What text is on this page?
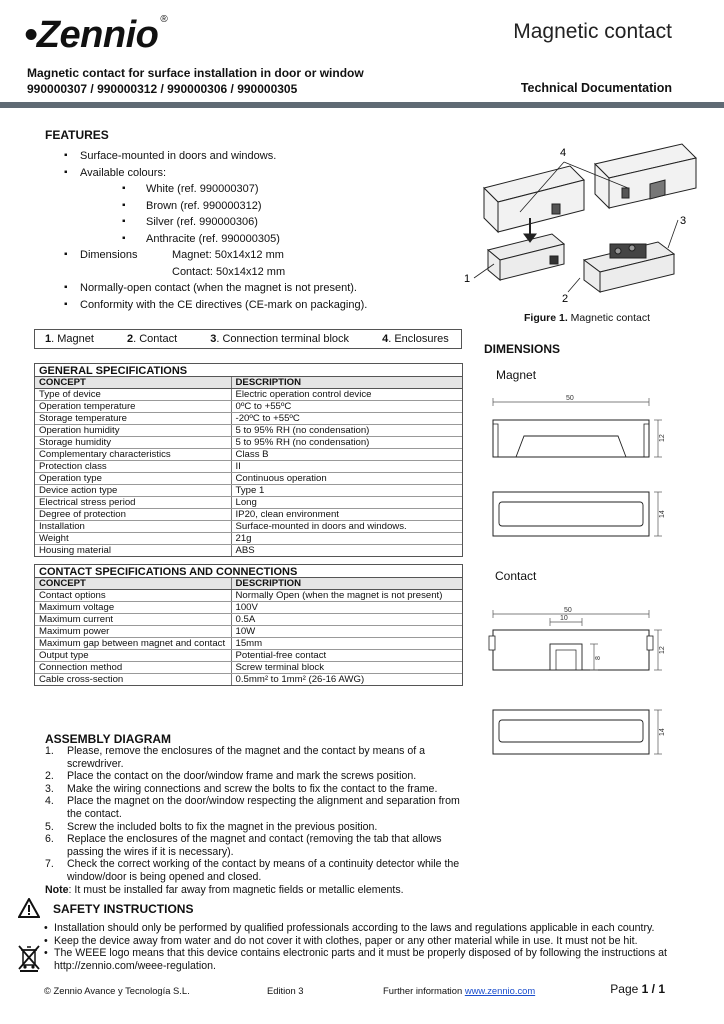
•Zennio ®
Magnetic contact
Magnetic contact for surface installation in door or window
990000307 / 990000312 / 990000306 / 990000305	Technical Documentation
FEATURES
▪ Surface-mounted in doors and windows.
▪ Available colours:
▪ White (ref. 990000307)
▪ Brown (ref. 990000312)
▪ Silver (ref. 990000306)
▪ Anthracite (ref. 990000305)
▪ Dimensions	Magnet: 50x14x12 mm
Contact: 50x14x12 mm
▪ Normally-open contact (when the magnet is not present).
▪ Conformity with the CE directives (CE-mark on packaging).
1. Magnet	2. Contact	3. Connection terminal block	4. Enclosures
GENERAL SPECIFICATIONS
CONCEPT	DESCRIPTION
Type of device	Electric operation control device
Operation temperature	0ºC to +55ºC
Storage temperature	-20ºC to +55ºC
Operation humidity	5 to 95% RH (no condensation)
Storage humidity	5 to 95% RH (no condensation)
Complementary characteristics	Class B
Protection class	II
Operation type	Continuous operation
Device action type	Type 1
Electrical stress period	Long
Degree of protection	IP20, clean environment
Installation	Surface-mounted in doors and windows.
Weight	21g
Housing material	ABS
CONTACT SPECIFICATIONS AND CONNECTIONS
CONCEPT	DESCRIPTION
Contact options	Normally Open (when the magnet is not present)
Maximum voltage	100V
Maximum current	0.5A
Maximum power	10W
Maximum gap between magnet and contact	15mm
Output type	Potential-free contact
Connection method	Screw terminal block
Cable cross-section	0.5mm² to 1mm² (26-16 AWG)
ASSEMBLY DIAGRAM
1. Please, remove the enclosures of the magnet and the contact by means of a screwdriver.
2. Place the contact on the door/window frame and mark the screws position.
3. Make the wiring connections and screw the bolts to fix the contact to the frame.
4. Place the magnet on the door/window respecting the alignment and separation from the contact.
5. Screw the included bolts to fix the magnet in the previous position.
6. Replace the enclosures of the magnet and contact (removing the tab that allows passing the wires if it is necessary).
7. Check the correct working of the contact by means of a continuity detector while the window/door is being opened and closed.
Note: It must be installed far away from magnetic fields or metallic elements.
SAFETY INSTRUCTIONS
• Installation should only be performed by qualified professionals according to the laws and regulations applicable in each country.
• Keep the device away from water and do not cover it with clothes, paper or any other material while in use. It must not be hit.
• The WEEE logo means that this device contains electronic parts and it must be properly disposed of by following the instructions at http://zennio.com/weee-regulation.
© Zennio Avance y Tecnología S.L.	Edition 3	Further information www.zennio.com	Page 1 / 1
4
1
2
3
Figure 1. Magnetic contact
DIMENSIONS
Magnet
50
12
14
Contact
50
10
8
12
14
